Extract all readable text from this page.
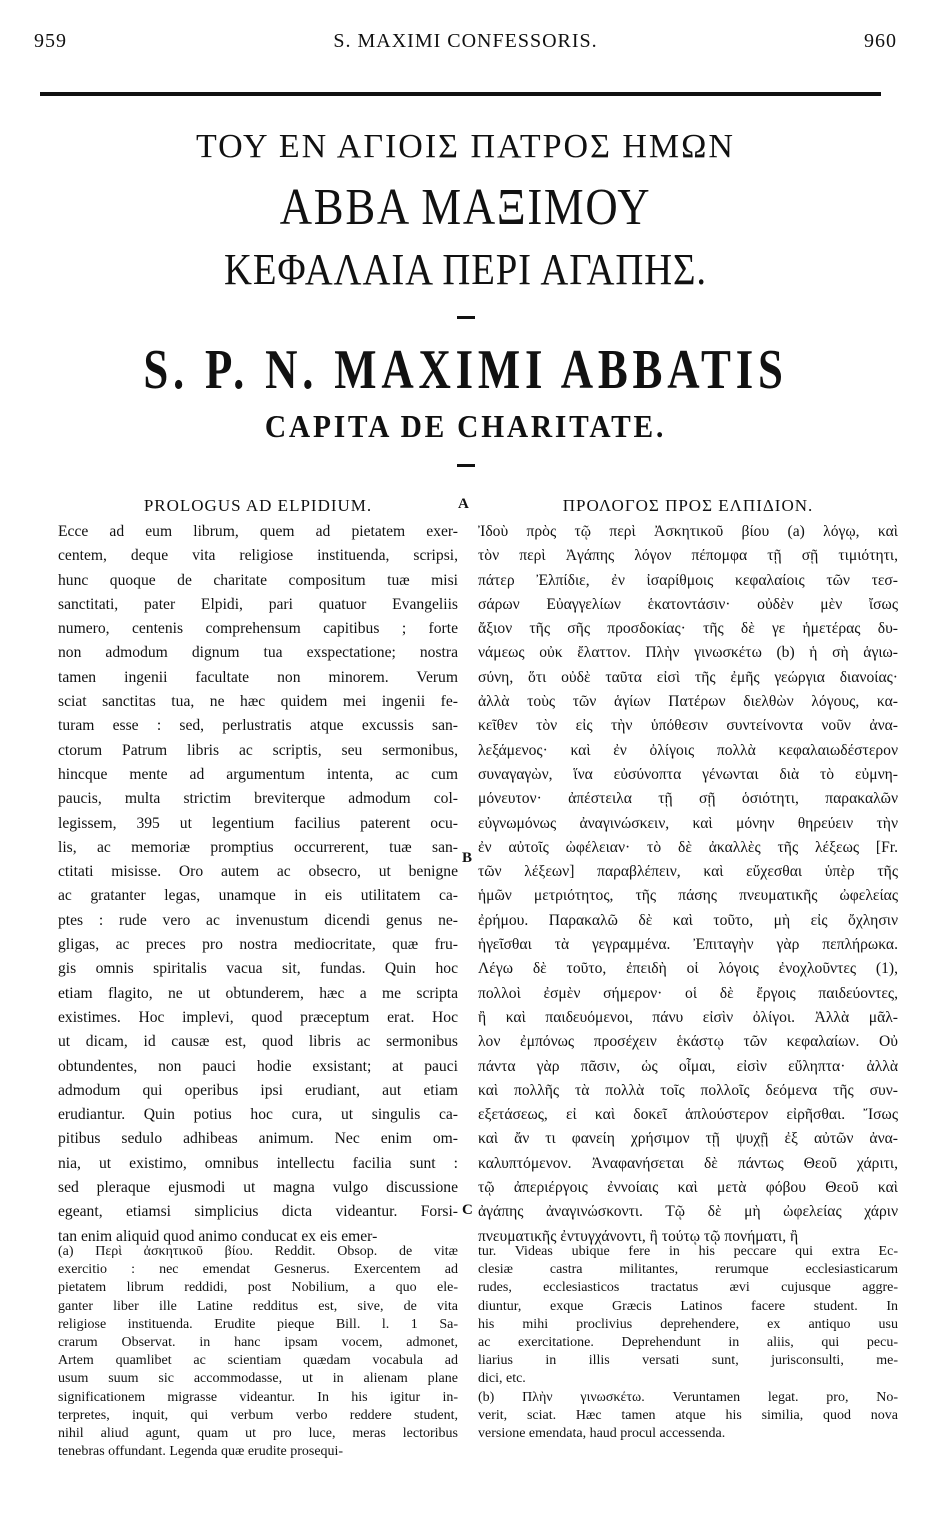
959	S. MAXIMI CONFESSORIS.	960
ΤΟΥ ΕΝ ΑΓΙΟΙΣ ΠΑΤΡΟΣ ΗΜΩΝ
ΑΒΒΑ ΜΑΞΙΜΟΥ
ΚΕΦΑΛΑΙΑ ΠΕΡΙ ΑΓΑΠΗΣ.
S. P. N. MAXIMI ABBATIS
CAPITA DE CHARITATE.
A
B
C
PROLOGUS AD ELPIDIUM.
Ecce ad eum librum, quem ad pietatem exer-
centem, deque vita religiose instituenda, scripsi,
hunc quoque de charitate compositum tuæ misi
sanctitati, pater Elpidi, pari quatuor Evangeliis
numero, centenis comprehensum capitibus ; forte
non admodum dignum tua exspectatione; nostra
tamen ingenii facultate non minorem. Verum
sciat sanctitas tua, ne hæc quidem mei ingenii fe-
turam esse : sed, perlustratis atque excussis san-
ctorum Patrum libris ac scriptis, seu sermonibus,
hincque mente ad argumentum intenta, ac cum
paucis, multa strictim breviterque admodum col-
legissem, 395 ut legentium facilius paterent ocu-
lis, ac memoriæ promptius occurrerent, tuæ san-
ctitati misisse. Oro autem ac obsecro, ut benigne
ac gratanter legas, unamque in eis utilitatem ca-
ptes : rude vero ac invenustum dicendi genus ne-
gligas, ac preces pro nostra mediocritate, quæ fru-
gis omnis spiritalis vacua sit, fundas. Quin hoc
etiam flagito, ne ut obtunderem, hæc a me scripta
existimes. Hoc implevi, quod præceptum erat. Hoc
ut dicam, id causæ est, quod libris ac sermonibus
obtundentes, non pauci hodie exsistant; at pauci
admodum qui operibus ipsi erudiant, aut etiam
erudiantur. Quin potius hoc cura, ut singulis ca-
pitibus sedulo adhibeas animum. Nec enim om-
nia, ut existimo, omnibus intellectu facilia sunt :
sed pleraque ejusmodi ut magna vulgo discussione
egeant, etiamsi simplicius dicta videantur. Forsi-
tan enim aliquid quod animo conducat ex eis emer-
ΠΡΟΛΟΓΟΣ ΠΡΟΣ ΕΛΠΙΔΙΟΝ.
Ἰδοὺ πρὸς τῷ περὶ Ἀσκητικοῦ βίου (a) λόγῳ, καὶ
τὸν περὶ Ἀγάπης λόγον πέπομφα τῇ σῇ τιμιότητι,
πάτερ Ἐλπίδιε, ἐν ἰσαρίθμοις κεφαλαίοις τῶν τεσ-
σάρων Εὐαγγελίων ἑκατοντάσιν· οὐδὲν μὲν ἴσως
ἄξιον τῆς σῆς προσδοκίας· τῆς δὲ γε ἡμετέρας δυ-
νάμεως οὐκ ἔλαττον. Πλὴν γινωσκέτω (b) ἡ σὴ ἁγιω-
σύνη, ὅτι οὐδὲ ταῦτα εἰσὶ τῆς ἐμῆς γεώργια διανοίας·
ἀλλὰ τοὺς τῶν ἁγίων Πατέρων διελθὼν λόγους, κα-
κεῖθεν τὸν εἰς τὴν ὑπόθεσιν συντείνοντα νοῦν ἀνα-
λεξάμενος· καὶ ἐν ὀλίγοις πολλὰ κεφαλαιωδέστερον
συναγαγὼν, ἵνα εὐσύνοπτα γένωνται διὰ τὸ εὐμνη-
μόνευτον· ἀπέστειλα τῇ σῇ ὁσιότητι, παρακαλῶν
εὐγνωμόνως ἀναγινώσκειν, καὶ μόνην θηρεύειν τὴν
ἐν αὐτοῖς ὠφέλειαν· τὸ δὲ ἀκαλλὲς τῆς λέξεως [Fr.
τῶν λέξεων] παραβλέπειν, καὶ εὔχεσθαι ὑπὲρ τῆς
ἡμῶν μετριότητος, τῆς πάσης πνευματικῆς ὠφελείας
ἐρήμου. Παρακαλῶ δὲ καὶ τοῦτο, μὴ εἰς ὄχλησιν
ἡγεῖσθαι τὰ γεγραμμένα. Ἐπιταγὴν γὰρ πεπλήρωκα.
Λέγω δὲ τοῦτο, ἐπειδὴ οἱ λόγοις ἐνοχλοῦντες (1),
πολλοὶ ἐσμὲν σήμερον· οἱ δὲ ἔργοις παιδεύοντες,
ἢ καὶ παιδευόμενοι, πάνυ εἰσὶν ὀλίγοι. Ἀλλὰ μᾶλ-
λον ἐμπόνως προσέχειν ἑκάστῳ τῶν κεφαλαίων. Οὐ
πάντα γὰρ πᾶσιν, ὡς οἶμαι, εἰσὶν εὔληπτα· ἀλλὰ
καὶ πολλῆς τὰ πολλὰ τοῖς πολλοῖς δεόμενα τῆς συν-
εξετάσεως, εἰ καὶ δοκεῖ ἁπλούστερον εἰρῆσθαι. Ἴσως
καὶ ἄν τι φανείη χρήσιμον τῇ ψυχῇ ἐξ αὐτῶν ἀνα-
καλυπτόμενον. Ἀναφανήσεται δὲ πάντως Θεοῦ χάριτι,
τῷ ἀπεριέργοις ἐννοίαις καὶ μετὰ φόβου Θεοῦ καὶ
ἀγάπης ἀναγινώσκοντι. Τῷ δὲ μὴ ὠφελείας χάριν
πνευματικῆς ἐντυγχάνοντι, ἢ τούτῳ τῷ πονήματι, ἢ
(a) Περὶ ἀσκητικοῦ βίου. Reddit. Obsop. de vitæ
exercitio : nec emendat Gesnerus. Exercentem ad
pietatem librum reddidi, post Nobilium, a quo ele-
ganter liber ille Latine redditus est, sive, de vita
religiose instituenda. Erudite pieque Bill. l. 1 Sa-
crarum Observat. in hanc ipsam vocem, admonet,
Artem quamlibet ac scientiam quædam vocabula ad
usum suum sic accommodasse, ut in alienam plane
significationem migrasse videantur. In his igitur in-
terpretes, inquit, qui verbum verbo reddere student,
nihil aliud agunt, quam ut pro luce, meras lectoribus
tenebras offundant. Legenda quæ erudite prosequi-
tur. Videas ubique fere in his peccare qui extra Ec-
clesiæ castra militantes, rerumque ecclesiasticarum
rudes, ecclesiasticos tractatus ævi cujusque aggre-
diuntur, exque Græcis Latinos facere student. In
his mihi proclivius deprehendere, ex antiquo usu
ac exercitatione. Deprehendunt in aliis, qui pecu-
liarius in illis versati sunt, jurisconsulti, me-
dici, etc.
(b) Πλὴν γινωσκέτω. Veruntamen legat. pro, No-
verit, sciat. Hæc tamen atque his similia, quod nova
versione emendata, haud procul accessenda.
